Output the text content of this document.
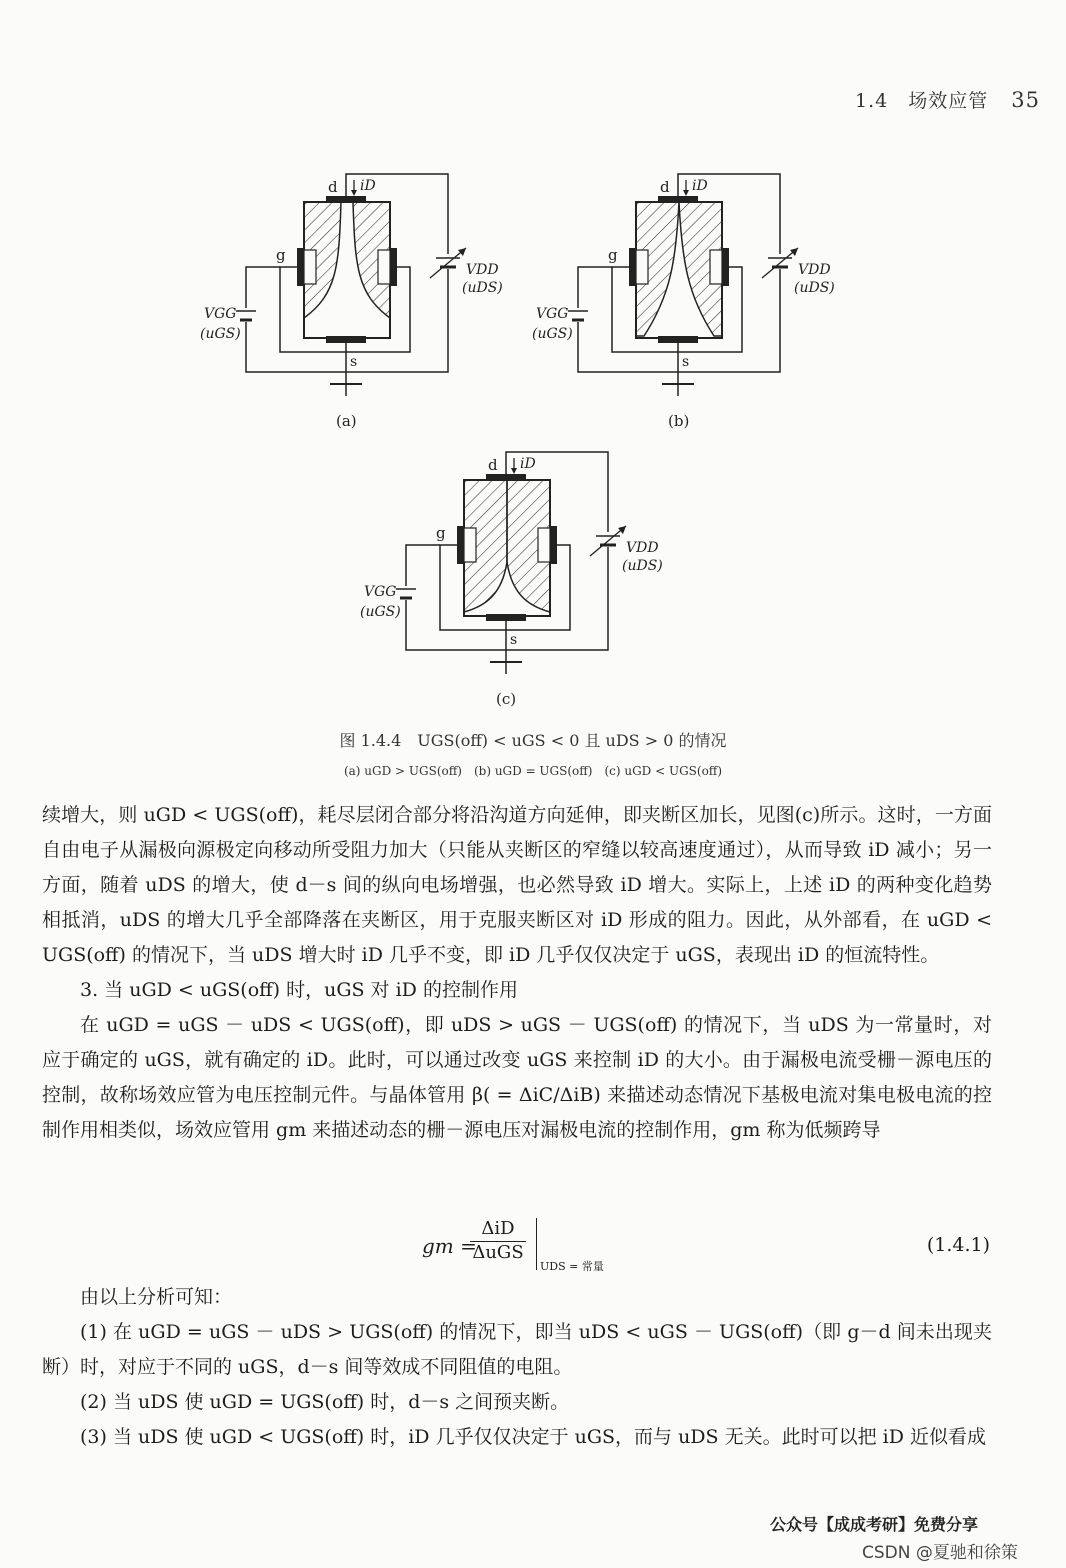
1.4　场效应管 35
d iD
g
s
VDD
(uDS)
VGG
(uGS)
(a)
d iD
g
s
VDD
(uDS)
VGG
(uGS)
(b)
d iD
g
s
VDD
(uDS)
VGG
(uGS)
(c)
图 1.4.4　UGS(off) < uGS < 0 且 uDS > 0 的情况
(a) uGD > UGS(off)　(b) uGD = UGS(off)　(c) uGD < UGS(off)

续增大，则 uGD < UGS(off)，耗尽层闭合部分将沿沟道方向延伸，即夹断区加长，见图(c)所示。这时，一方面自由电子从漏极向源极定向移动所受阻力加大（只能从夹断区的窄缝以较高速度通过），从而导致 iD 减小；另一方面，随着 uDS 的增大，使 d－s 间的纵向电场增强，也必然导致 iD 增大。实际上，上述 iD 的两种变化趋势相抵消，uDS 的增大几乎全部降落在夹断区，用于克服夹断区对 iD 形成的阻力。因此，从外部看，在 uGD < UGS(off) 的情况下，当 uDS 增大时 iD 几乎不变，即 iD 几乎仅仅决定于 uGS，表现出 iD 的恒流特性。

3. 当 uGD < uGS(off) 时，uGS 对 iD 的控制作用

在 uGD = uGS － uDS < UGS(off)，即 uDS > uGS － UGS(off) 的情况下，当 uDS 为一常量时，对应于确定的 uGS，就有确定的 iD。此时，可以通过改变 uGS 来控制 iD 的大小。由于漏极电流受栅－源电压的控制，故称场效应管为电压控制元件。与晶体管用 β( = ΔiC/ΔiB) 来描述动态情况下基极电流对集电极电流的控制作用相类似，场效应管用 gm 来描述动态的栅－源电压对漏极电流的控制作用，gm 称为低频跨导

gm =
ΔiD
ΔuGS
UDS = 常量
(1.4.1)

由以上分析可知：

(1) 在 uGD = uGS － uDS > UGS(off) 的情况下，即当 uDS < uGS － UGS(off)（即 g－d 间未出现夹断）时，对应于不同的 uGS，d－s 间等效成不同阻值的电阻。

(2) 当 uDS 使 uGD = UGS(off) 时，d－s 之间预夹断。

(3) 当 uDS 使 uGD < UGS(off) 时，iD 几乎仅仅决定于 uGS，而与 uDS 无关。此时可以把 iD 近似看成

公众号【成成考研】免费分享
CSDN @夏驰和徐策
